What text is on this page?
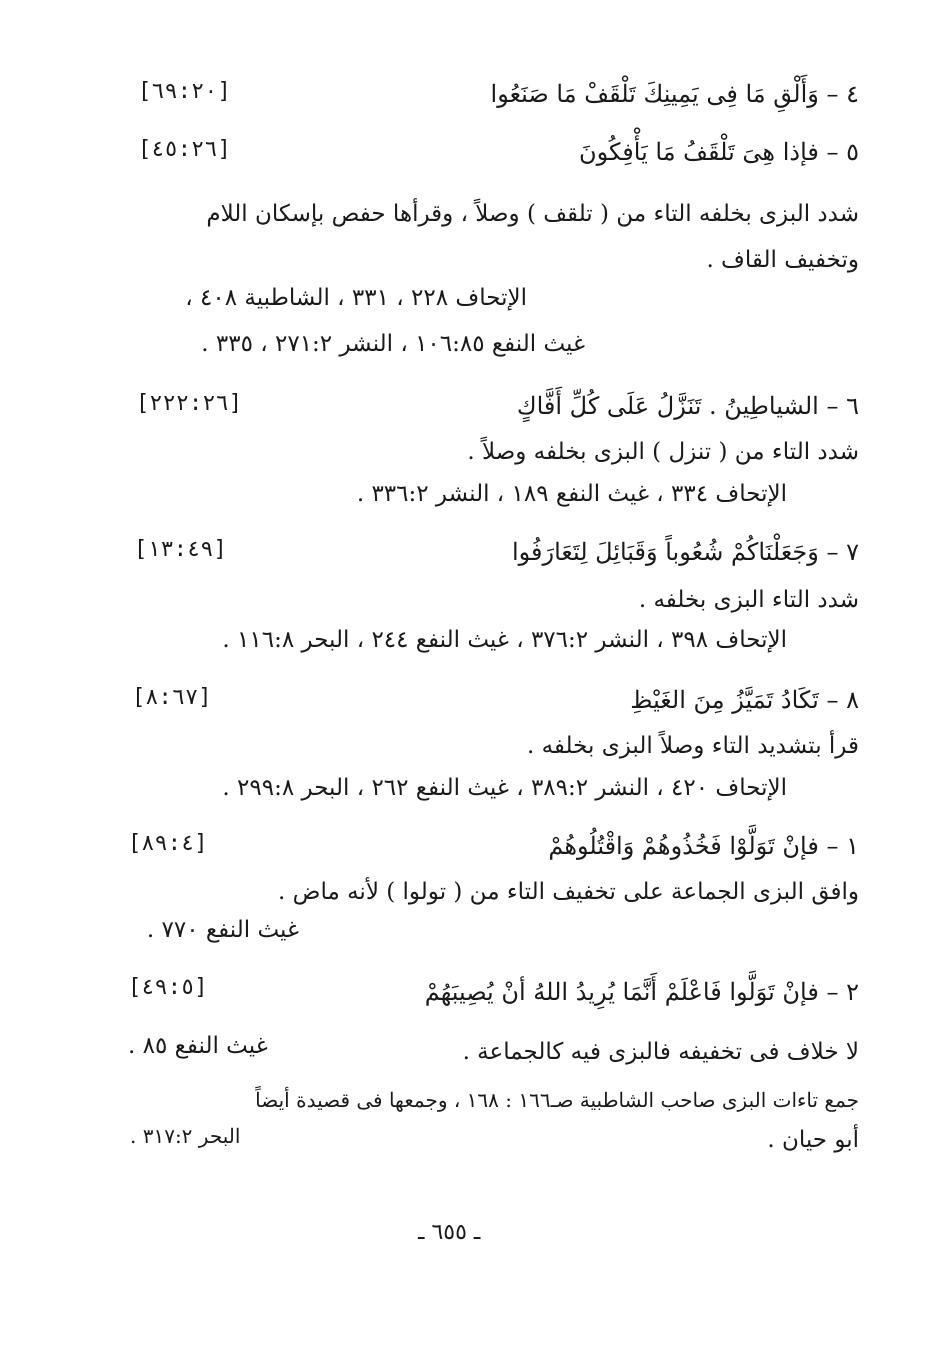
٤ – وَأَلْقِ مَا فِى يَمِينِكَ تَلْقَفْ مَا صَنَعُوا
[٦٩:٢٠]
٥ – فإذا هِىَ تَلْقَفُ مَا يَأْفِكُونَ
[٤٥:٢٦]
شدد البزى بخلفه التاء من ( تلقف ) وصلاً ، وقرأها حفص بإسكان اللام
وتخفيف القاف .
الإتحاف ٢٢٨ ، ٣٣١ ، الشاطبية ٤٠٨ ،
غيث النفع ١٠٦:٨٥ ، النشر ٢٧١:٢ ، ٣٣٥ .
٦ – الشياطِينُ . تَنَزَّلُ عَلَى كُلِّ أَفَّاكٍ
[٢٢٢:٢٦]
شدد التاء من ( تنزل ) البزى بخلفه وصلاً .
الإتحاف ٣٣٤ ، غيث النفع ١٨٩ ، النشر ٣٣٦:٢ .
٧ – وَجَعَلْنَاكُمْ شُعُوباً وَقَبَائِلَ لِتَعَارَفُوا
[١٣:٤٩]
شدد التاء البزى بخلفه .
الإتحاف ٣٩٨ ، النشر ٣٧٦:٢ ، غيث النفع ٢٤٤ ، البحر ١١٦:٨ .
٨ – تَكَادُ تَمَيَّزُ مِنَ الغَيْظِ
[٨:٦٧]
قرأ بتشديد التاء وصلاً البزى بخلفه .
الإتحاف ٤٢٠ ، النشر ٣٨٩:٢ ، غيث النفع ٢٦٢ ، البحر ٢٩٩:٨ .
١ – فإنْ تَوَلَّوْا فَخُذُوهُمْ وَاقْتُلُوهُمْ
[٨٩:٤]
وافق البزى الجماعة على تخفيف التاء من ( تولوا ) لأنه ماض .
غيث النفع ٧٧٠ .
٢ – فإنْ تَوَلَّوا فَاعْلَمْ أَنَّمَا يُرِيدُ اللهُ أنْ يُصِيبَهُمْ
[٤٩:٥]
لا خلاف فى تخفيفه فالبزى فيه كالجماعة .
غيث النفع ٨٥ .
جمع تاءات البزى صاحب الشاطبية صـ١٦٦ : ١٦٨ ، وجمعها فى قصيدة أيضاً
أبو حيان .
البحر ٣١٧:٢ .
ـ ٦٥٥ ـ
